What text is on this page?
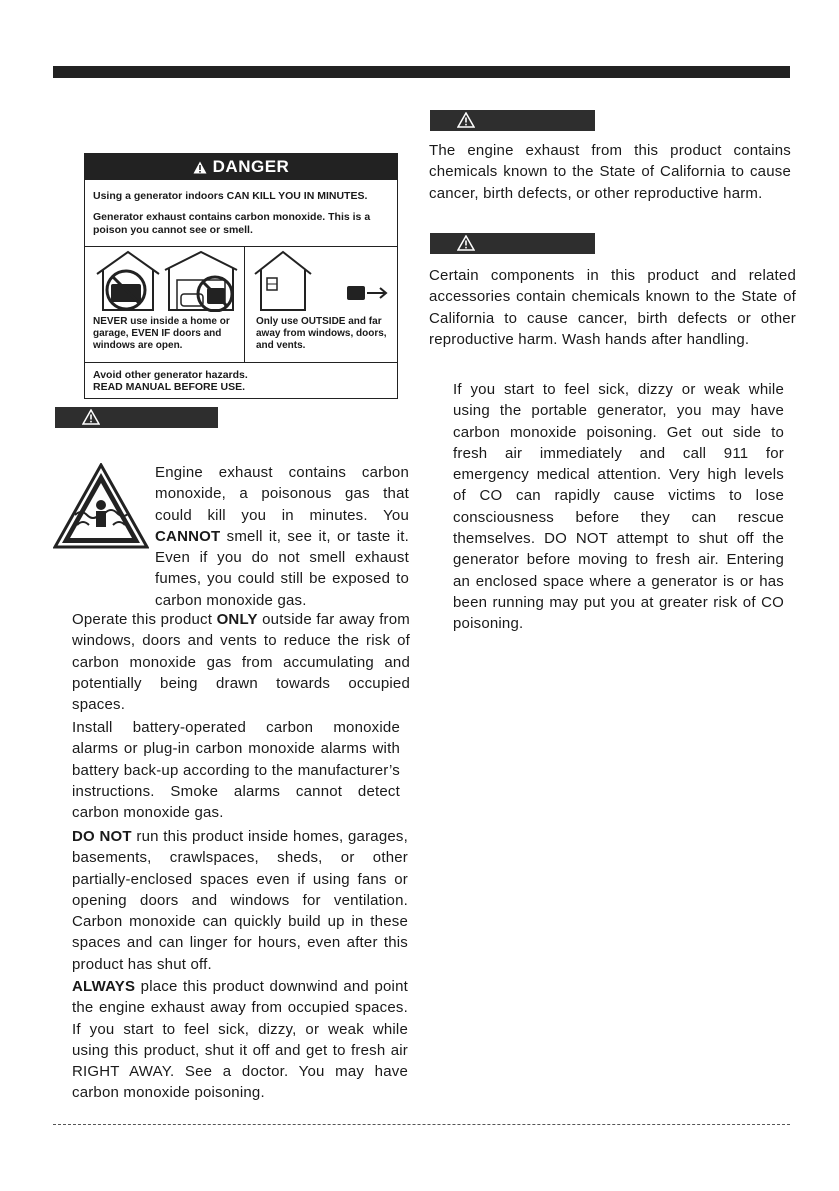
DANGER
Using a generator indoors CAN KILL YOU IN MINUTES.
Generator exhaust contains carbon monoxide. This is a poison you cannot see or smell.
NEVER use inside a home or garage, EVEN IF doors and windows are open.
Only use OUTSIDE and far away from windows, doors, and vents.
Avoid other generator hazards.
READ MANUAL BEFORE USE.

Engine exhaust contains carbon monoxide, a poisonous gas that could kill you in minutes. You CANNOT smell it, see it, or taste it. Even if you do not smell exhaust fumes, you could still be exposed to carbon monoxide gas.

Operate this product ONLY outside far away from windows, doors and vents to reduce the risk of carbon monoxide gas from accumulating and potentially being drawn towards occupied spaces.

Install battery-operated carbon monoxide alarms or plug-in carbon monoxide alarms with battery back-up according to the manufacturer’s instructions. Smoke alarms cannot detect carbon monoxide gas.

DO NOT run this product inside homes, garages, basements, crawlspaces, sheds, or other partially-enclosed spaces even if using fans or opening doors and windows for ventilation. Carbon monoxide can quickly build up in these spaces and can linger for hours, even after this product has shut off.

ALWAYS place this product downwind and point the engine exhaust away from occupied spaces. If you start to feel sick, dizzy, or weak while using this product, shut it off and get to fresh air RIGHT AWAY. See a doctor. You may have carbon monoxide poisoning.

The engine exhaust from this product contains chemicals known to the State of California to cause cancer, birth defects, or other reproductive harm.

Certain components in this product and related accessories contain chemicals known to the State of California to cause cancer, birth defects or other reproductive harm. Wash hands after handling.

If you start to feel sick, dizzy or weak while using the portable generator, you may have carbon monoxide poisoning. Get out side to fresh air immediately and call 911 for emergency medical attention. Very high levels of CO can rapidly cause victims to lose consciousness before they can rescue themselves. DO NOT attempt to shut off the generator before moving to fresh air. Entering an enclosed space where a generator is or has been running may put you at greater risk of CO poisoning.
